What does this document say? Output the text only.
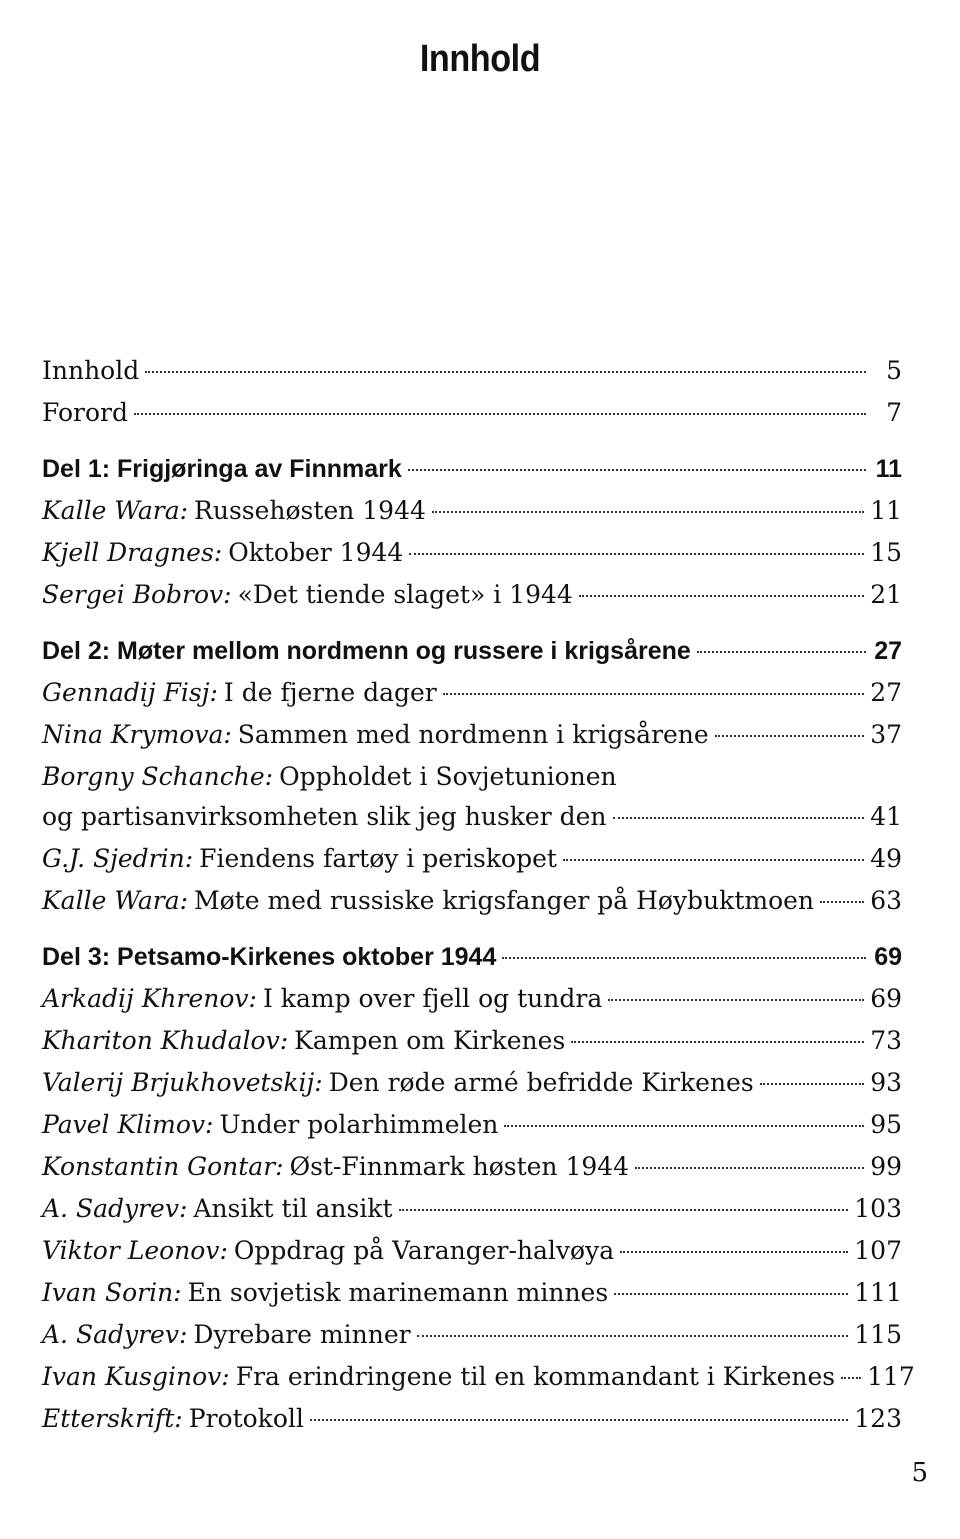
Innhold
Innhold	5
Forord	7
Del 1: Frigjøringa av Finnmark	11
Kalle Wara: Russehøsten 1944	11
Kjell Dragnes: Oktober 1944	15
Sergei Bobrov: «Det tiende slaget» i 1944	21
Del 2: Møter mellom nordmenn og russere i krigsårene	27
Gennadij Fisj: I de fjerne dager	27
Nina Krymova: Sammen med nordmenn i krigsårene	37
Borgny Schanche: Oppholdet i Sovjetunionen
og partisanvirksomheten slik jeg husker den	41
G.J. Sjedrin: Fiendens fartøy i periskopet	49
Kalle Wara: Møte med russiske krigsfanger på Høybuktmoen 63
Del 3: Petsamo-Kirkenes oktober 1944	69
Arkadij Khrenov: I kamp over fjell og tundra	69
Khariton Khudalov: Kampen om Kirkenes	73
Valerij Brjukhovetskij: Den røde armé befridde Kirkenes	93
Pavel Klimov: Under polarhimmelen	95
Konstantin Gontar: Øst-Finnmark høsten 1944	99
A. Sadyrev: Ansikt til ansikt	103
Viktor Leonov: Oppdrag på Varanger-halvøya	107
Ivan Sorin: En sovjetisk marinemann minnes	111
A. Sadyrev: Dyrebare minner	115
Ivan Kusginov: Fra erindringene til en kommandant i Kirkenes 117
Etterskrift: Protokoll	123
5
